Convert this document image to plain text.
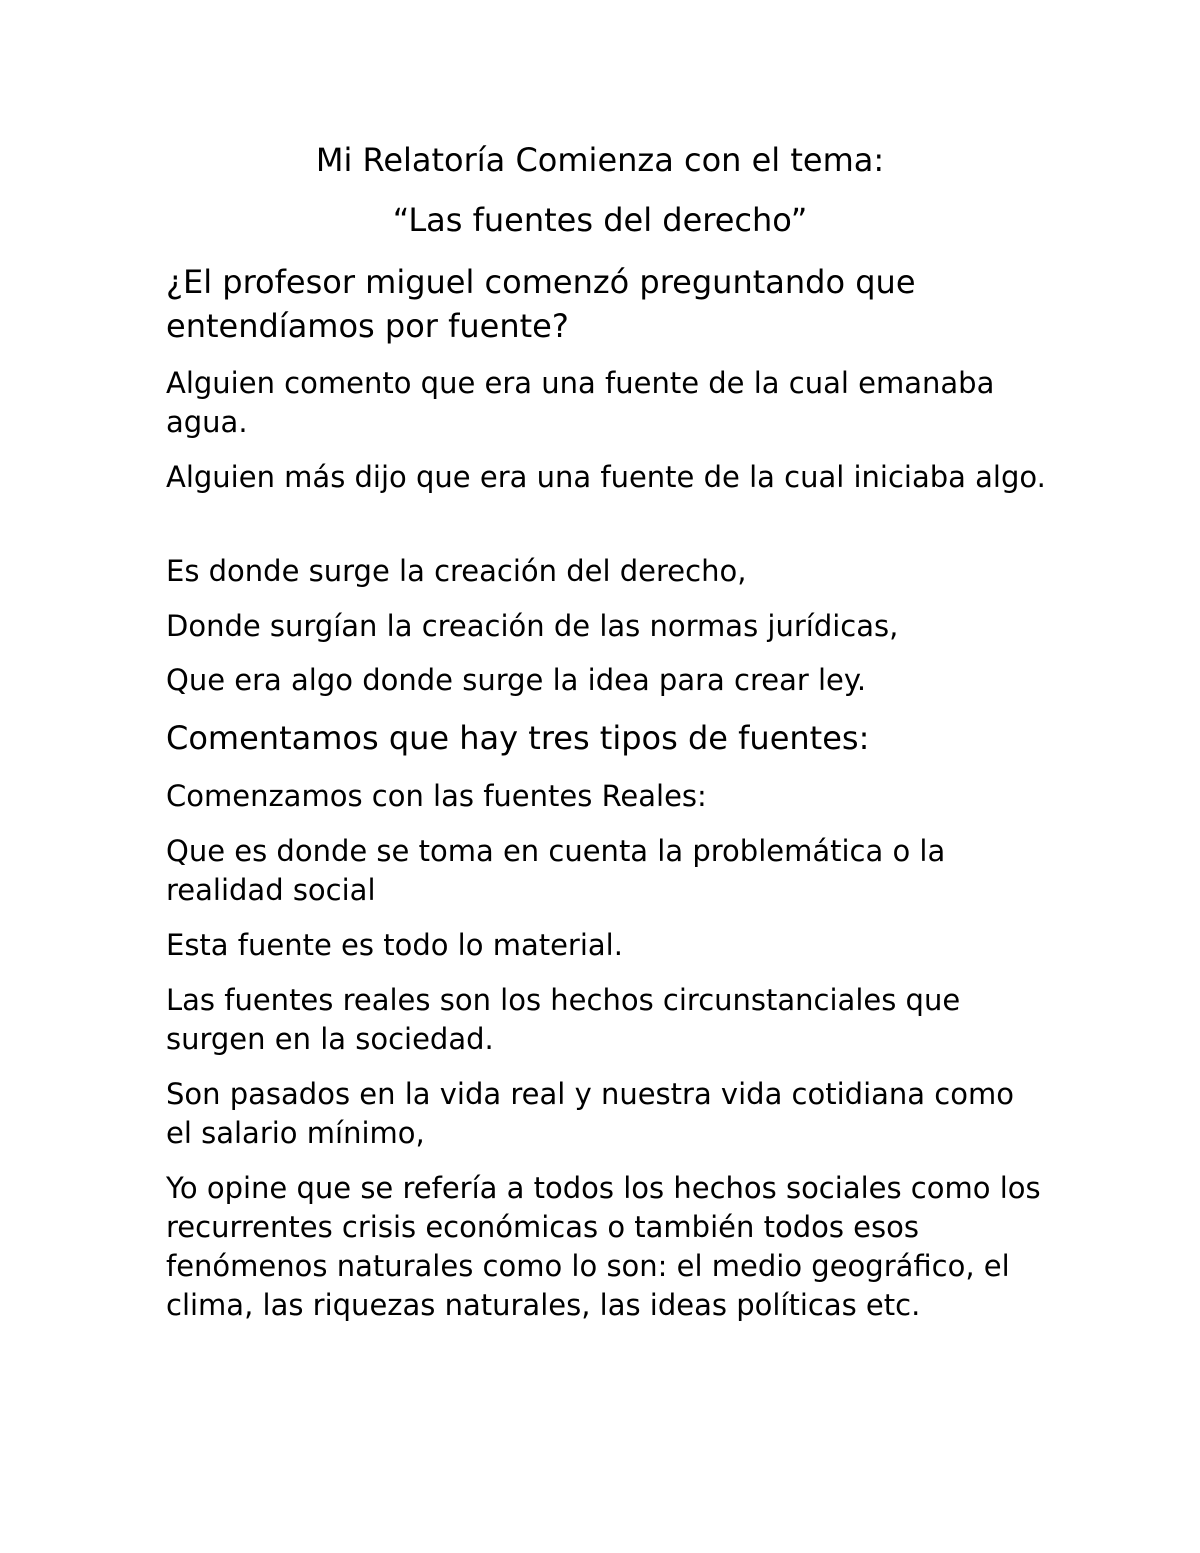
Mi Relatoría Comienza con el tema:
“Las fuentes del derecho”

¿El profesor miguel comenzó preguntando que entendíamos por fuente?

Alguien comento que era una fuente de la cual emanaba agua.

Alguien más dijo que era una fuente de la cual iniciaba algo.

Es donde surge la creación del derecho,

Donde surgían la creación de las normas jurídicas,

Que era algo donde surge la idea para crear ley.

Comentamos que hay tres tipos de fuentes:

Comenzamos con las fuentes Reales:

Que es donde se toma en cuenta la problemática o la realidad social

Esta fuente es todo lo material.

Las fuentes reales son los hechos circunstanciales que surgen en la sociedad.

Son pasados en la vida real y nuestra vida cotidiana como el salario mínimo,

Yo opine que se refería a todos los hechos sociales como los recurrentes crisis económicas o también todos esos fenómenos naturales como lo son: el medio geográfico, el clima, las riquezas naturales, las ideas políticas etc.
